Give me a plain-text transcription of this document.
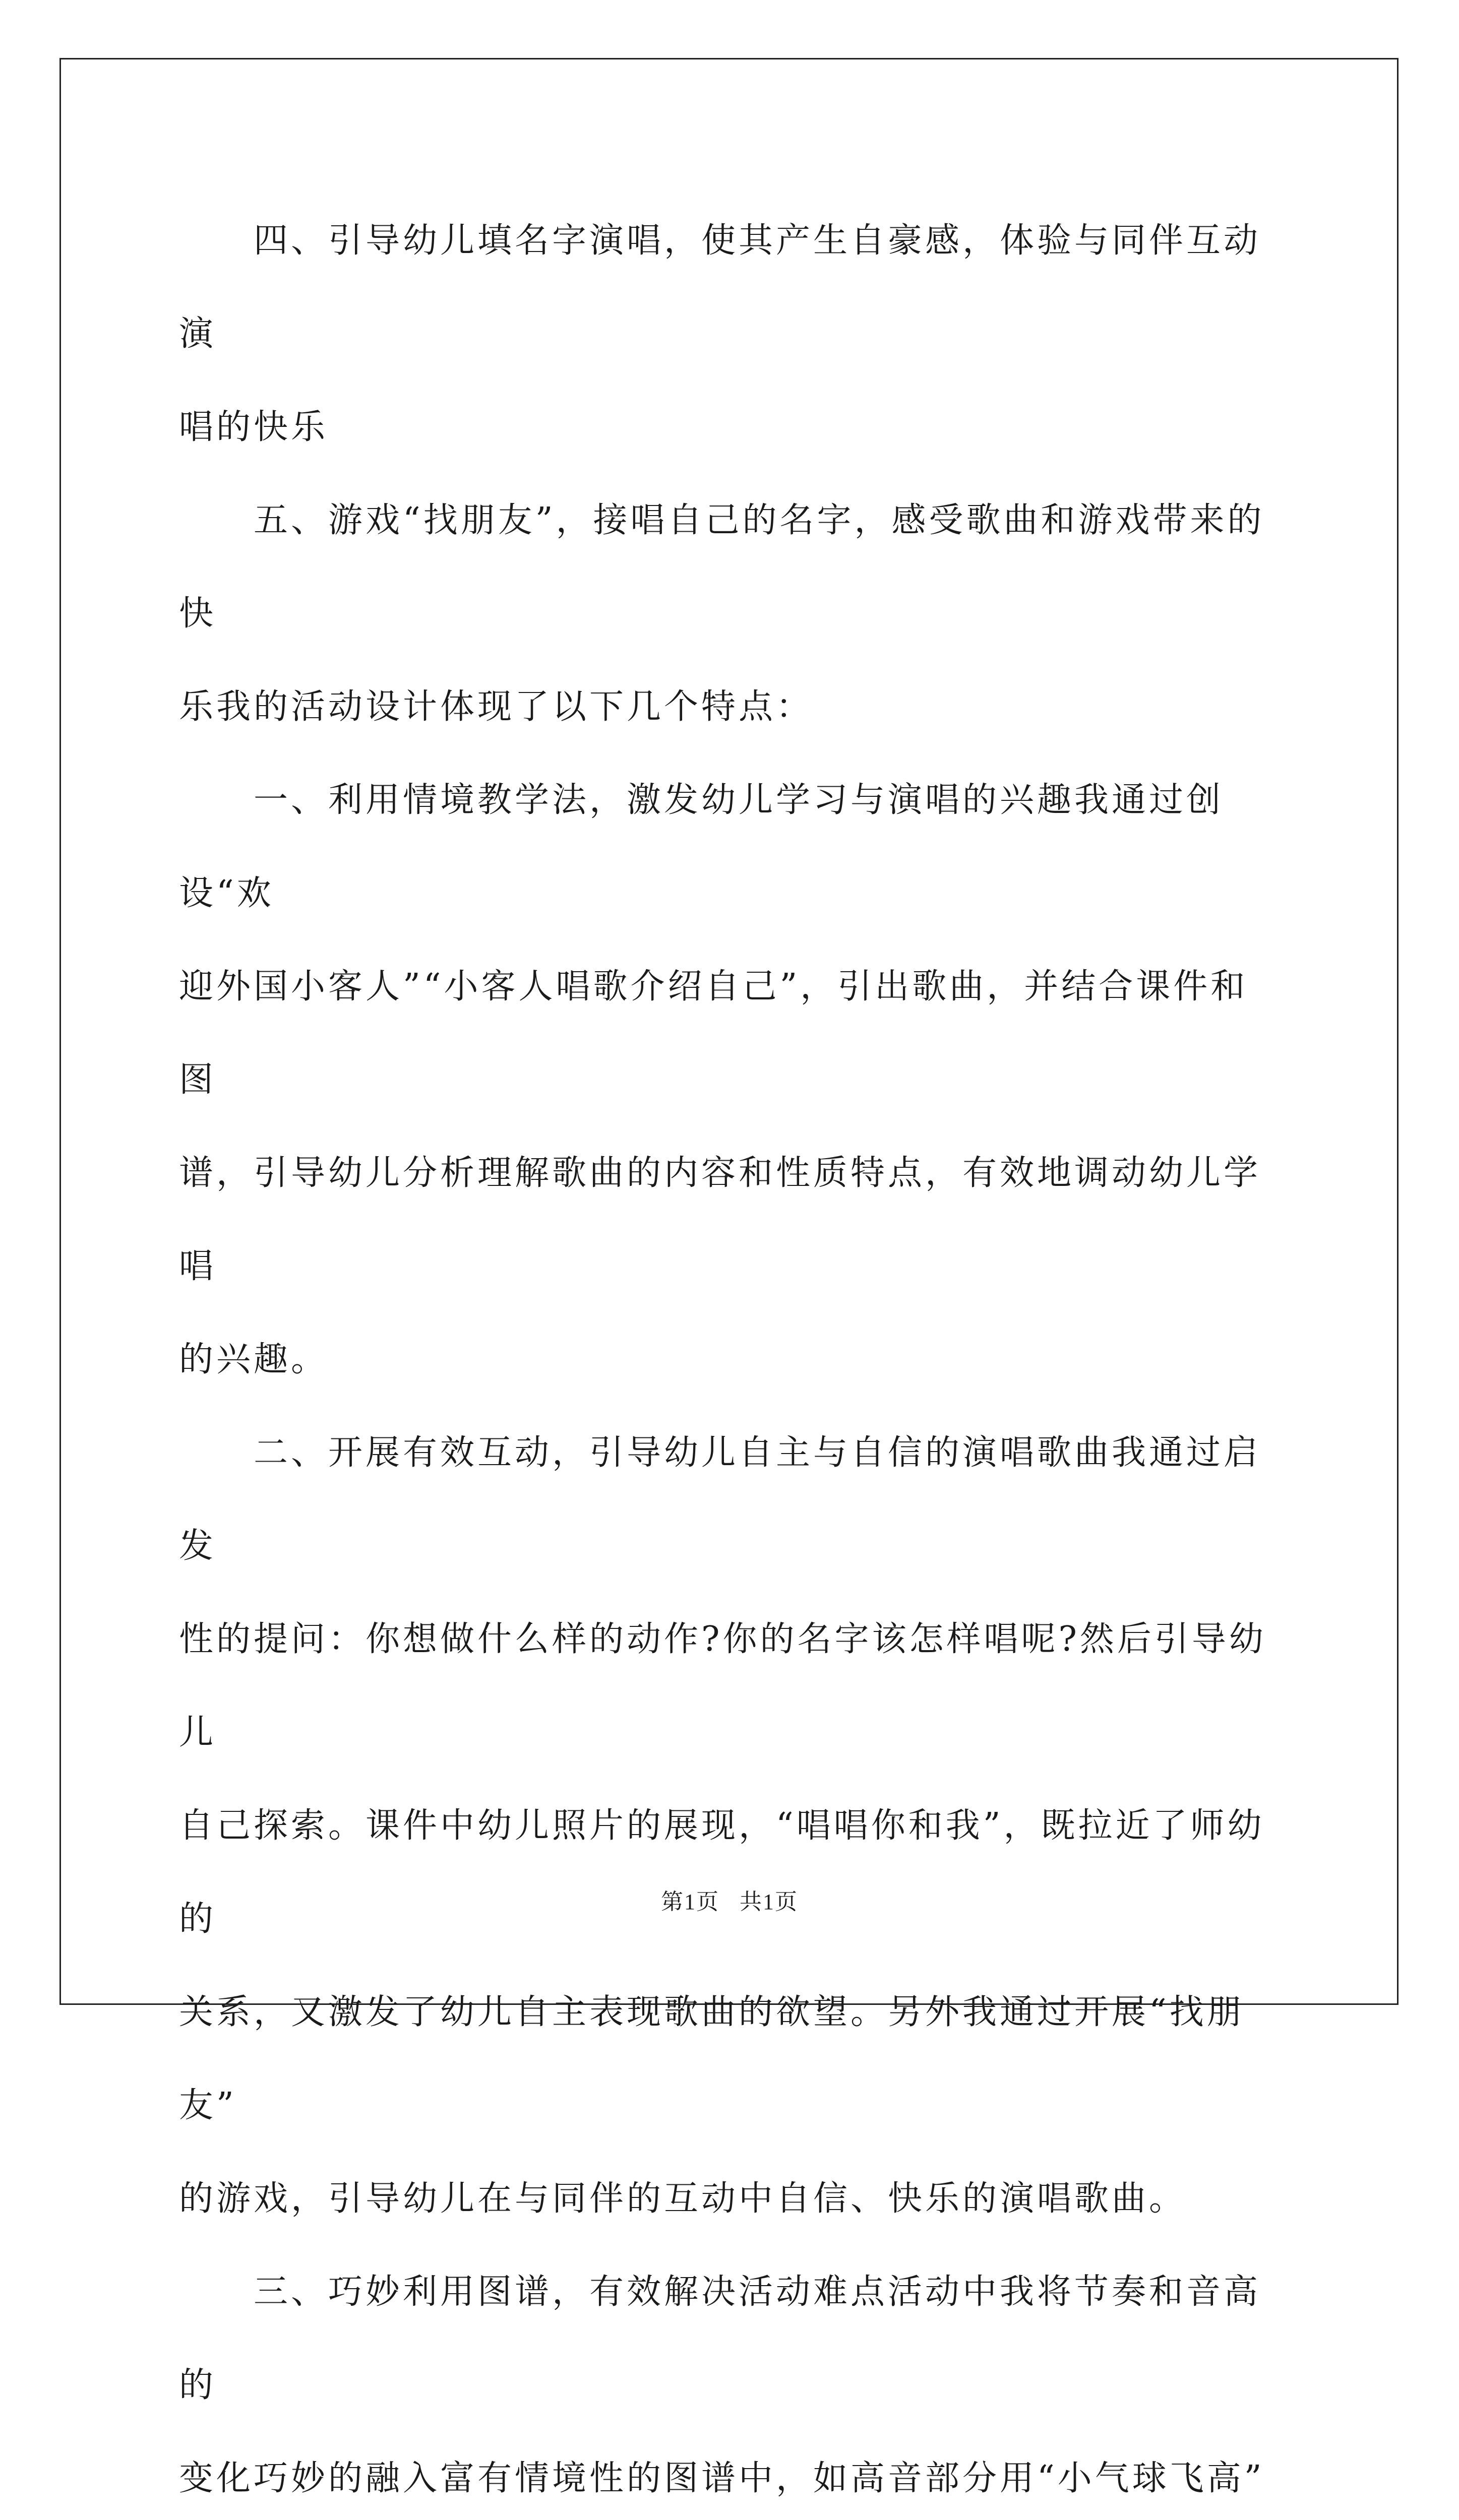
四、引导幼儿填名字演唱，使其产生自豪感，体验与同伴互动演
唱的快乐
五、游戏“找朋友”，接唱自己的名字，感受歌曲和游戏带来的快
乐我的活动设计体现了以下几个特点：
一、利用情境教学法，激发幼儿学习与演唱的兴趣我通过创设“欢
迎外国小客人”“小客人唱歌介绍自己”，引出歌曲，并结合课件和图
谱，引导幼儿分析理解歌曲的内容和性质特点，有效地调动幼儿学唱
的兴趣。
二、开展有效互动，引导幼儿自主与自信的演唱歌曲我通过启发
性的提问：你想做什么样的动作?你的名字该怎样唱呢?然后引导幼儿
自己探索。课件中幼儿照片的展现，“唱唱你和我”，既拉近了师幼的
关系，又激发了幼儿自主表现歌曲的欲望。另外我通过开展“找朋友”
的游戏，引导幼儿在与同伴的互动中自信、快乐的演唱歌曲。
三、巧妙利用图谱，有效解决活动难点活动中我将节奏和音高的
变化巧妙的融入富有情境性的图谱中，如高音部分用“小气球飞高”
第1页 共1页
